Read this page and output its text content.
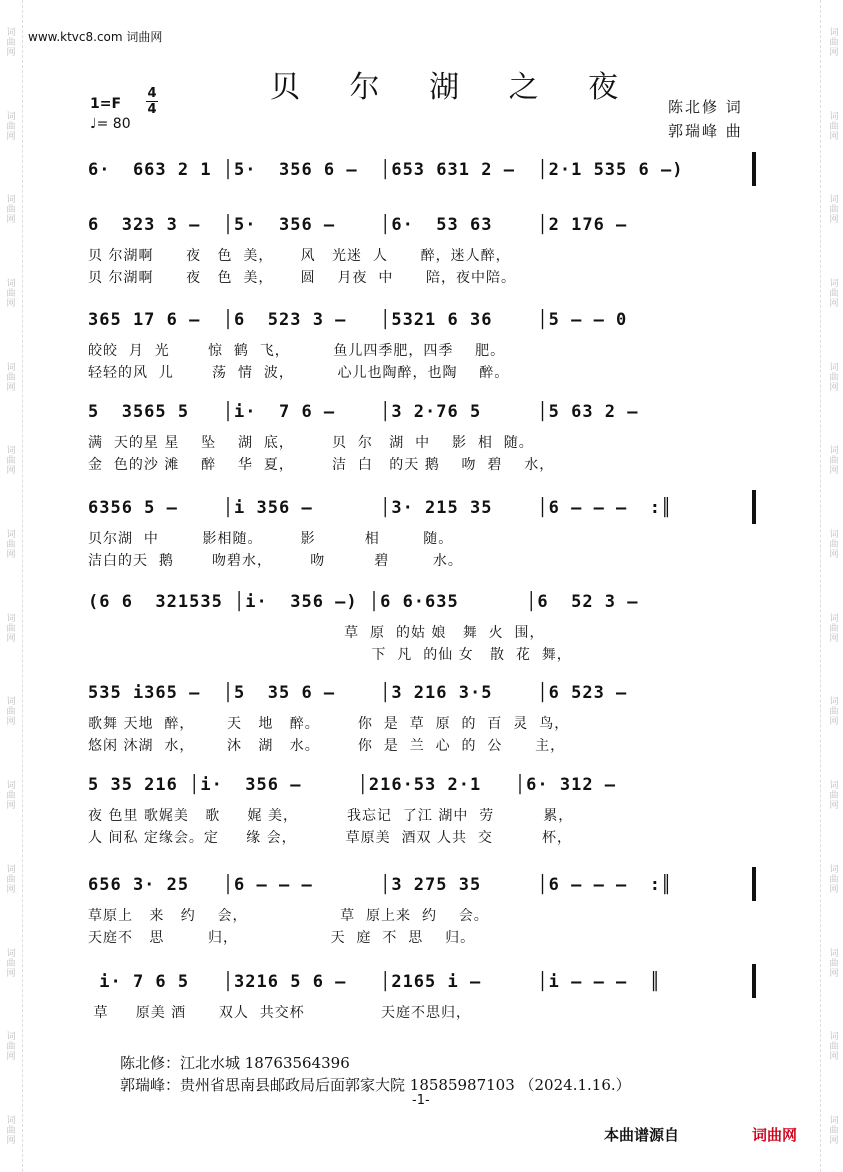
词曲网
词曲网
词曲网
词曲网
词曲网
词曲网
词曲网
词曲网
词曲网
词曲网
词曲网
词曲网
词曲网
词曲网
词曲网
词曲网
词曲网
词曲网
词曲网
词曲网
词曲网
词曲网
词曲网
词曲网
词曲网
词曲网
词曲网
词曲网
www.ktvc8.com 词曲网
贝 尔 湖 之 夜
1=F
4
4
♩= 80
陈北修 词
郭瑞峰 曲
6·  663 2 1 │5·  356 6 –  │653 631 2 –  │2·1 535 6 –)
6  323 3 –  │5·  356 –    │6·  53 63    │2 176 –
贝 尔湖啊      夜   色  美，     风   光迷  人      醉，迷人醉，
贝 尔湖啊      夜   色  美，     圆    月夜  中      陪，夜中陪。
365 17 6 –  │6  523 3 –   │5321 6 36    │5 – – 0
皎皎  月  光       惊  鹤  飞，        鱼儿四季肥，四季    肥。
轻轻的风  儿       荡  情  波，        心儿也陶醉，也陶    醉。
5  3565 5   │i·  7 6 –    │3 2·76 5     │5 63 2 –
满  天的星 星    坠    湖  底，       贝  尔   湖  中    影  相  随。
金  色的沙 滩    醉    华  夏，       洁  白   的天 鹅    吻  碧    水，
6356 5 –    │i 356 –      │3· 215 35    │6 – – –  :║
贝尔湖  中        影相随。       影         相        随。
洁白的天  鹅       吻碧水，       吻         碧        水。
(6 6  321535 │i·  356 –) │6 6·635      │6  52 3 –
草  原  的姑 娘   舞  火  围，
下  凡  的仙 女   散  花  舞，
535 i365 –  │5  35 6 –    │3 216 3·5    │6 523 –
歌舞 天地  醉，      天   地   醉。       你  是  草  原  的  百  灵  鸟，
悠闲 沐湖  水，      沐   湖   水。       你  是  兰  心  的  公      主，
5 35 216 │i·  356 –     │216·53 2·1   │6· 312 –
夜 色里 歌娓美   歌     娓 美，         我忘记  了江 湖中  劳         累，
人 间私 定缘会。定     缘 会，         草原美  酒双 人共  交         杯，
656 3· 25   │6 – – –      │3 275 35     │6 – – –  :║
草原上   来   约    会，                 草  原上来  约    会。
天庭不   思        归，                 天  庭  不  思    归。
i· 7 6 5   │3216 5 6 –   │2165 i –     │i – – –  ║
草     原美 酒      双人  共交杯              天庭不思归，
陈北修：江北水城 18763564396
郭瑞峰：贵州省思南县邮政局后面郭家大院 18585987103 （2024.1.16.）
-1-
本曲谱源自	词曲网
